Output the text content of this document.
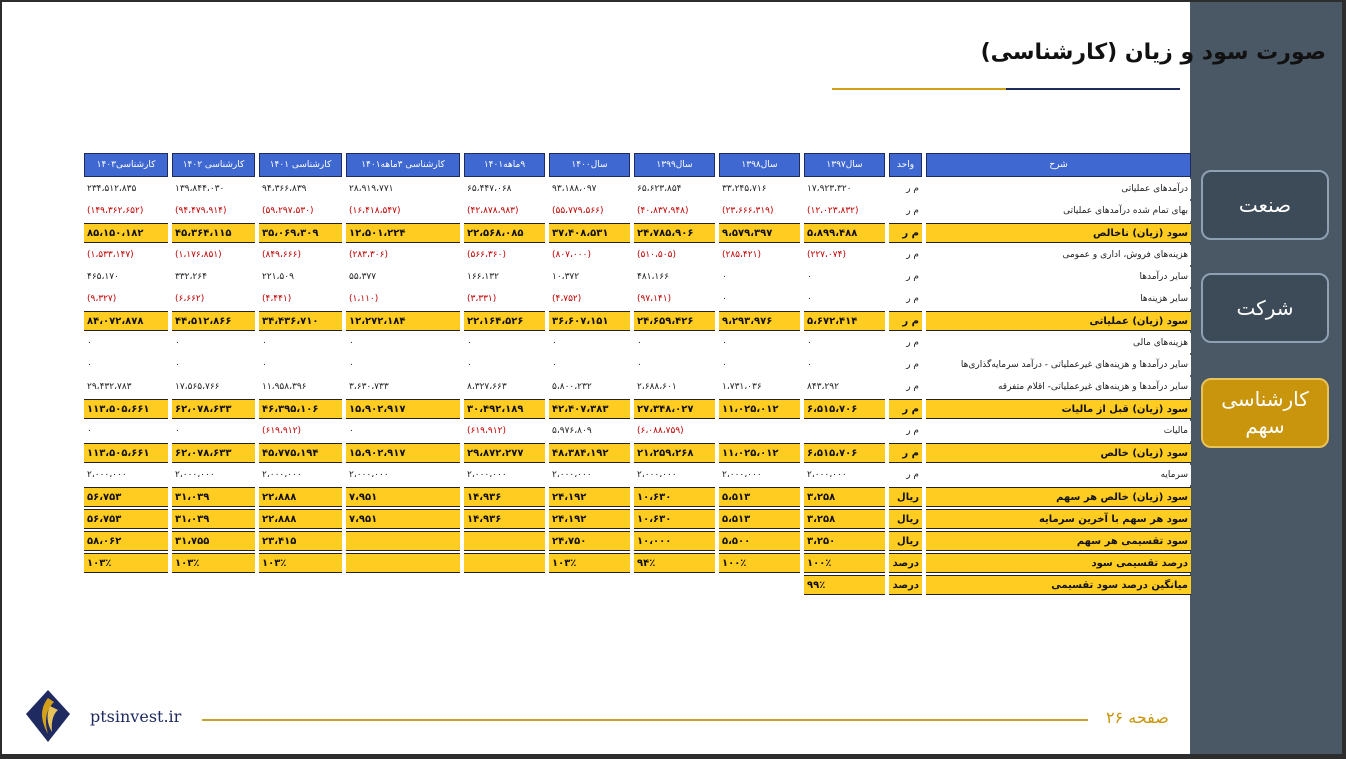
صنعت
شرکت
کارشناسی سهم
صورت سود و زیان (کارشناسی)
شرح	واحد	سال۱۳۹۷	سال۱۳۹۸	سال۱۳۹۹	سال۱۴۰۰	۹ماهه۱۴۰۱	کارشناسی ۳ماهه۱۴۰۱	کارشناسی ۱۴۰۱	کارشناسی ۱۴۰۲	کارشناسی۱۴۰۳
درآمدهای عملیاتی	م ر	۱۷،۹۲۳،۳۲۰	۳۳،۲۴۵،۷۱۶	۶۵،۶۲۳،۸۵۴	۹۳،۱۸۸،۰۹۷	۶۵،۴۴۷،۰۶۸	۲۸،۹۱۹،۷۷۱	۹۴،۳۶۶،۸۳۹	۱۳۹،۸۴۴،۰۳۰	۲۳۴،۵۱۲،۸۳۵
بهای تمام شده درآمدهای عملیاتی	م ر	(۱۲،۰۲۳،۸۳۲)	(۲۳،۶۶۶،۳۱۹)	(۴۰،۸۳۷،۹۴۸)	(۵۵،۷۷۹،۵۶۶)	(۴۲،۸۷۸،۹۸۳)	(۱۶،۴۱۸،۵۴۷)	(۵۹،۲۹۷،۵۳۰)	(۹۴،۴۷۹،۹۱۴)	(۱۴۹،۳۶۲،۶۵۲)
سود (زیان) ناخالص	م ر	۵،۸۹۹،۴۸۸	۹،۵۷۹،۳۹۷	۲۴،۷۸۵،۹۰۶	۳۷،۴۰۸،۵۳۱	۲۲،۵۶۸،۰۸۵	۱۲،۵۰۱،۲۲۴	۳۵،۰۶۹،۳۰۹	۴۵،۳۶۴،۱۱۵	۸۵،۱۵۰،۱۸۲
هزینه‌های فروش، اداری و عمومی	م ر	(۲۲۷،۰۷۴)	(۲۸۵،۴۲۱)	(۵۱۰،۵۰۵)	(۸۰۷،۰۰۰)	(۵۶۶،۳۶۰)	(۲۸۳،۳۰۶)	(۸۴۹،۶۶۶)	(۱،۱۷۶،۸۵۱)	(۱،۵۳۳،۱۴۷)
سایر درآمدها	م ر	۰	۰	۴۸۱،۱۶۶	۱۰،۳۷۲	۱۶۶،۱۳۲	۵۵،۳۷۷	۲۲۱،۵۰۹	۳۳۲،۲۶۴	۴۶۵،۱۷۰
سایر هزینه‌ها	م ر	۰	۰	(۹۷،۱۴۱)	(۴،۷۵۲)	(۳،۳۳۱)	(۱،۱۱۰)	(۴،۴۴۱)	(۶،۶۶۲)	(۹،۳۲۷)
سود (زیان) عملیاتی	م ر	۵،۶۷۲،۴۱۴	۹،۲۹۳،۹۷۶	۲۴،۶۵۹،۴۲۶	۳۶،۶۰۷،۱۵۱	۲۲،۱۶۴،۵۲۶	۱۲،۲۷۲،۱۸۴	۳۴،۴۳۶،۷۱۰	۴۴،۵۱۲،۸۶۶	۸۴،۰۷۲،۸۷۸
هزینه‌های مالی	م ر	۰	۰	۰	۰	۰	۰	۰	۰	۰
سایر درآمدها و هزینه‌های غیرعملیاتی - درآمد سرمایه‌گذاری‌ها	م ر	۰	۰	۰	۰	۰	۰	۰	۰	۰
سایر درآمدها و هزینه‌های غیرعملیاتی- اقلام متفرقه	م ر	۸۴۳،۲۹۲	۱،۷۳۱،۰۳۶	۲،۶۸۸،۶۰۱	۵،۸۰۰،۲۳۲	۸،۳۲۷،۶۶۳	۳،۶۳۰،۷۳۳	۱۱،۹۵۸،۳۹۶	۱۷،۵۶۵،۷۶۶	۲۹،۴۳۲،۷۸۳
سود (زیان) قبل از مالیات	م ر	۶،۵۱۵،۷۰۶	۱۱،۰۲۵،۰۱۲	۲۷،۳۴۸،۰۲۷	۴۲،۴۰۷،۳۸۳	۳۰،۴۹۲،۱۸۹	۱۵،۹۰۲،۹۱۷	۴۶،۳۹۵،۱۰۶	۶۲،۰۷۸،۶۳۳	۱۱۳،۵۰۵،۶۶۱
مالیات	م ر			(۶،۰۸۸،۷۵۹)	۵،۹۷۶،۸۰۹	(۶۱۹،۹۱۲)	۰	(۶۱۹،۹۱۲)	۰	۰
سود (زیان) خالص	م ر	۶،۵۱۵،۷۰۶	۱۱،۰۲۵،۰۱۲	۲۱،۲۵۹،۲۶۸	۴۸،۳۸۴،۱۹۲	۲۹،۸۷۲،۲۷۷	۱۵،۹۰۲،۹۱۷	۴۵،۷۷۵،۱۹۴	۶۲،۰۷۸،۶۳۳	۱۱۳،۵۰۵،۶۶۱
سرمایه	م ر	۲،۰۰۰،۰۰۰	۲،۰۰۰،۰۰۰	۲،۰۰۰،۰۰۰	۲،۰۰۰،۰۰۰	۲،۰۰۰،۰۰۰	۲،۰۰۰،۰۰۰	۲،۰۰۰،۰۰۰	۲،۰۰۰،۰۰۰	۲،۰۰۰،۰۰۰
سود (زیان) خالص هر سهم	ریال	۳،۲۵۸	۵،۵۱۳	۱۰،۶۳۰	۲۴،۱۹۲	۱۴،۹۳۶	۷،۹۵۱	۲۲،۸۸۸	۳۱،۰۳۹	۵۶،۷۵۳
سود هر سهم با آخرین سرمایه	ریال	۳،۲۵۸	۵،۵۱۳	۱۰،۶۳۰	۲۴،۱۹۲	۱۴،۹۳۶	۷،۹۵۱	۲۲،۸۸۸	۳۱،۰۳۹	۵۶،۷۵۳
سود تقسیمی هر سهم	ریال	۳،۲۵۰	۵،۵۰۰	۱۰،۰۰۰	۲۴،۷۵۰			۲۳،۴۱۵	۳۱،۷۵۵	۵۸،۰۶۲
درصد تقسیمی سود	درصد	۱۰۰٪	۱۰۰٪	۹۴٪	۱۰۳٪			۱۰۳٪	۱۰۳٪	۱۰۳٪
میانگین درصد سود تقسیمی	درصد	۹۹٪								
ptsinvest.ir	صفحه ۲۶
